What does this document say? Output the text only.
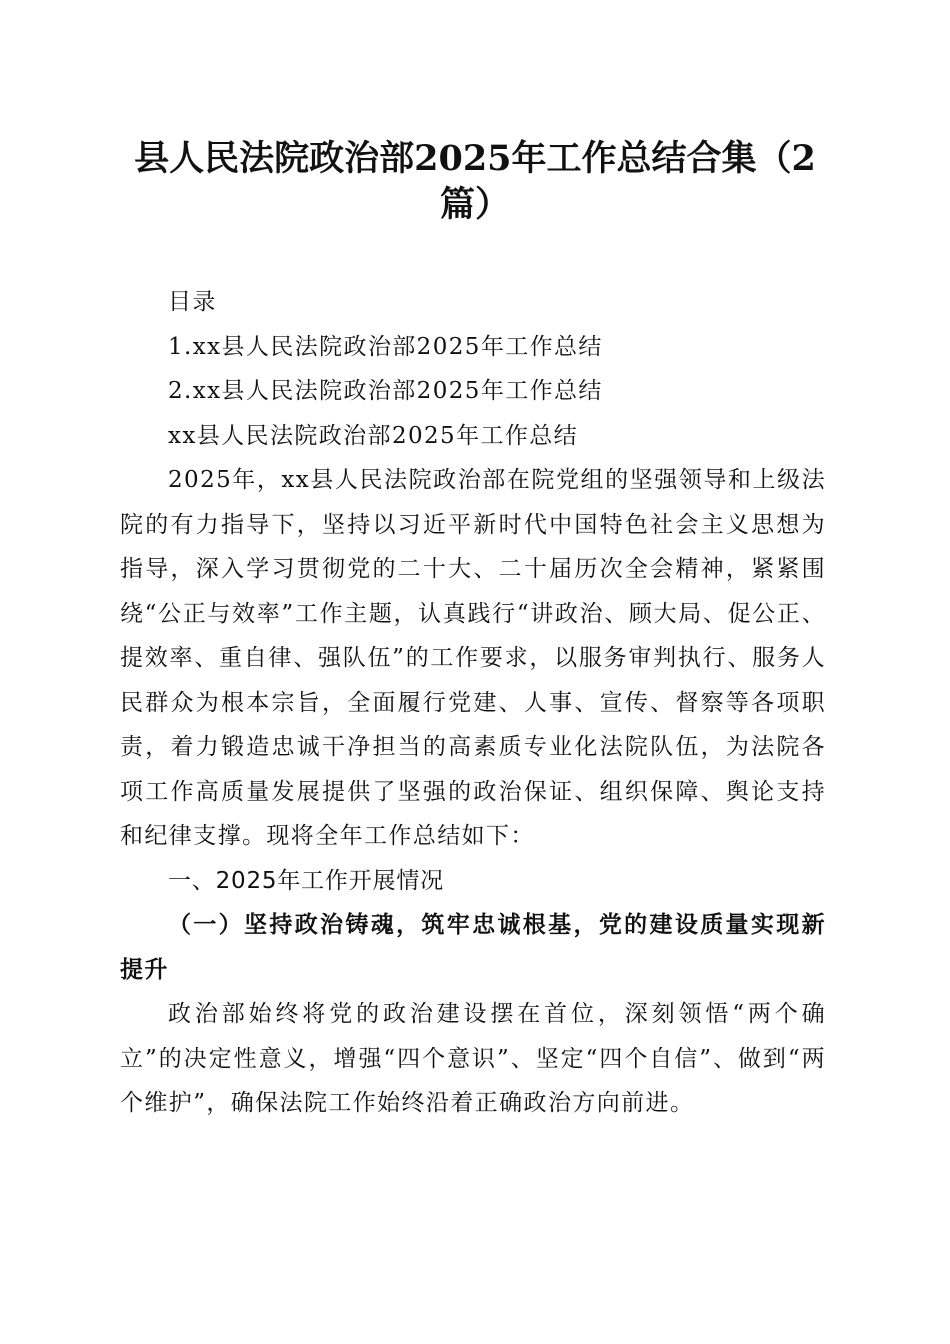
县人民法院政治部2025年工作总结合集（2
篇）

目录

1.xx县人民法院政治部2025年工作总结

2.xx县人民法院政治部2025年工作总结

xx县人民法院政治部2025年工作总结

2025年，xx县人民法院政治部在院党组的坚强领导和上级法院的有力指导下，坚持以习近平新时代中国特色社会主义思想为指导，深入学习贯彻党的二十大、二十届历次全会精神，紧紧围绕“公正与效率”工作主题，认真践行“讲政治、顾大局、促公正、提效率、重自律、强队伍”的工作要求，以服务审判执行、服务人民群众为根本宗旨，全面履行党建、人事、宣传、督察等各项职责，着力锻造忠诚干净担当的高素质专业化法院队伍，为法院各项工作高质量发展提供了坚强的政治保证、组织保障、舆论支持和纪律支撑。现将全年工作总结如下：

一、2025年工作开展情况

（一）坚持政治铸魂，筑牢忠诚根基，党的建设质量实现新提升

政治部始终将党的政治建设摆在首位，深刻领悟“两个确立”的决定性意义，增强“四个意识”、坚定“四个自信”、做到“两个维护”，确保法院工作始终沿着正确政治方向前进。
